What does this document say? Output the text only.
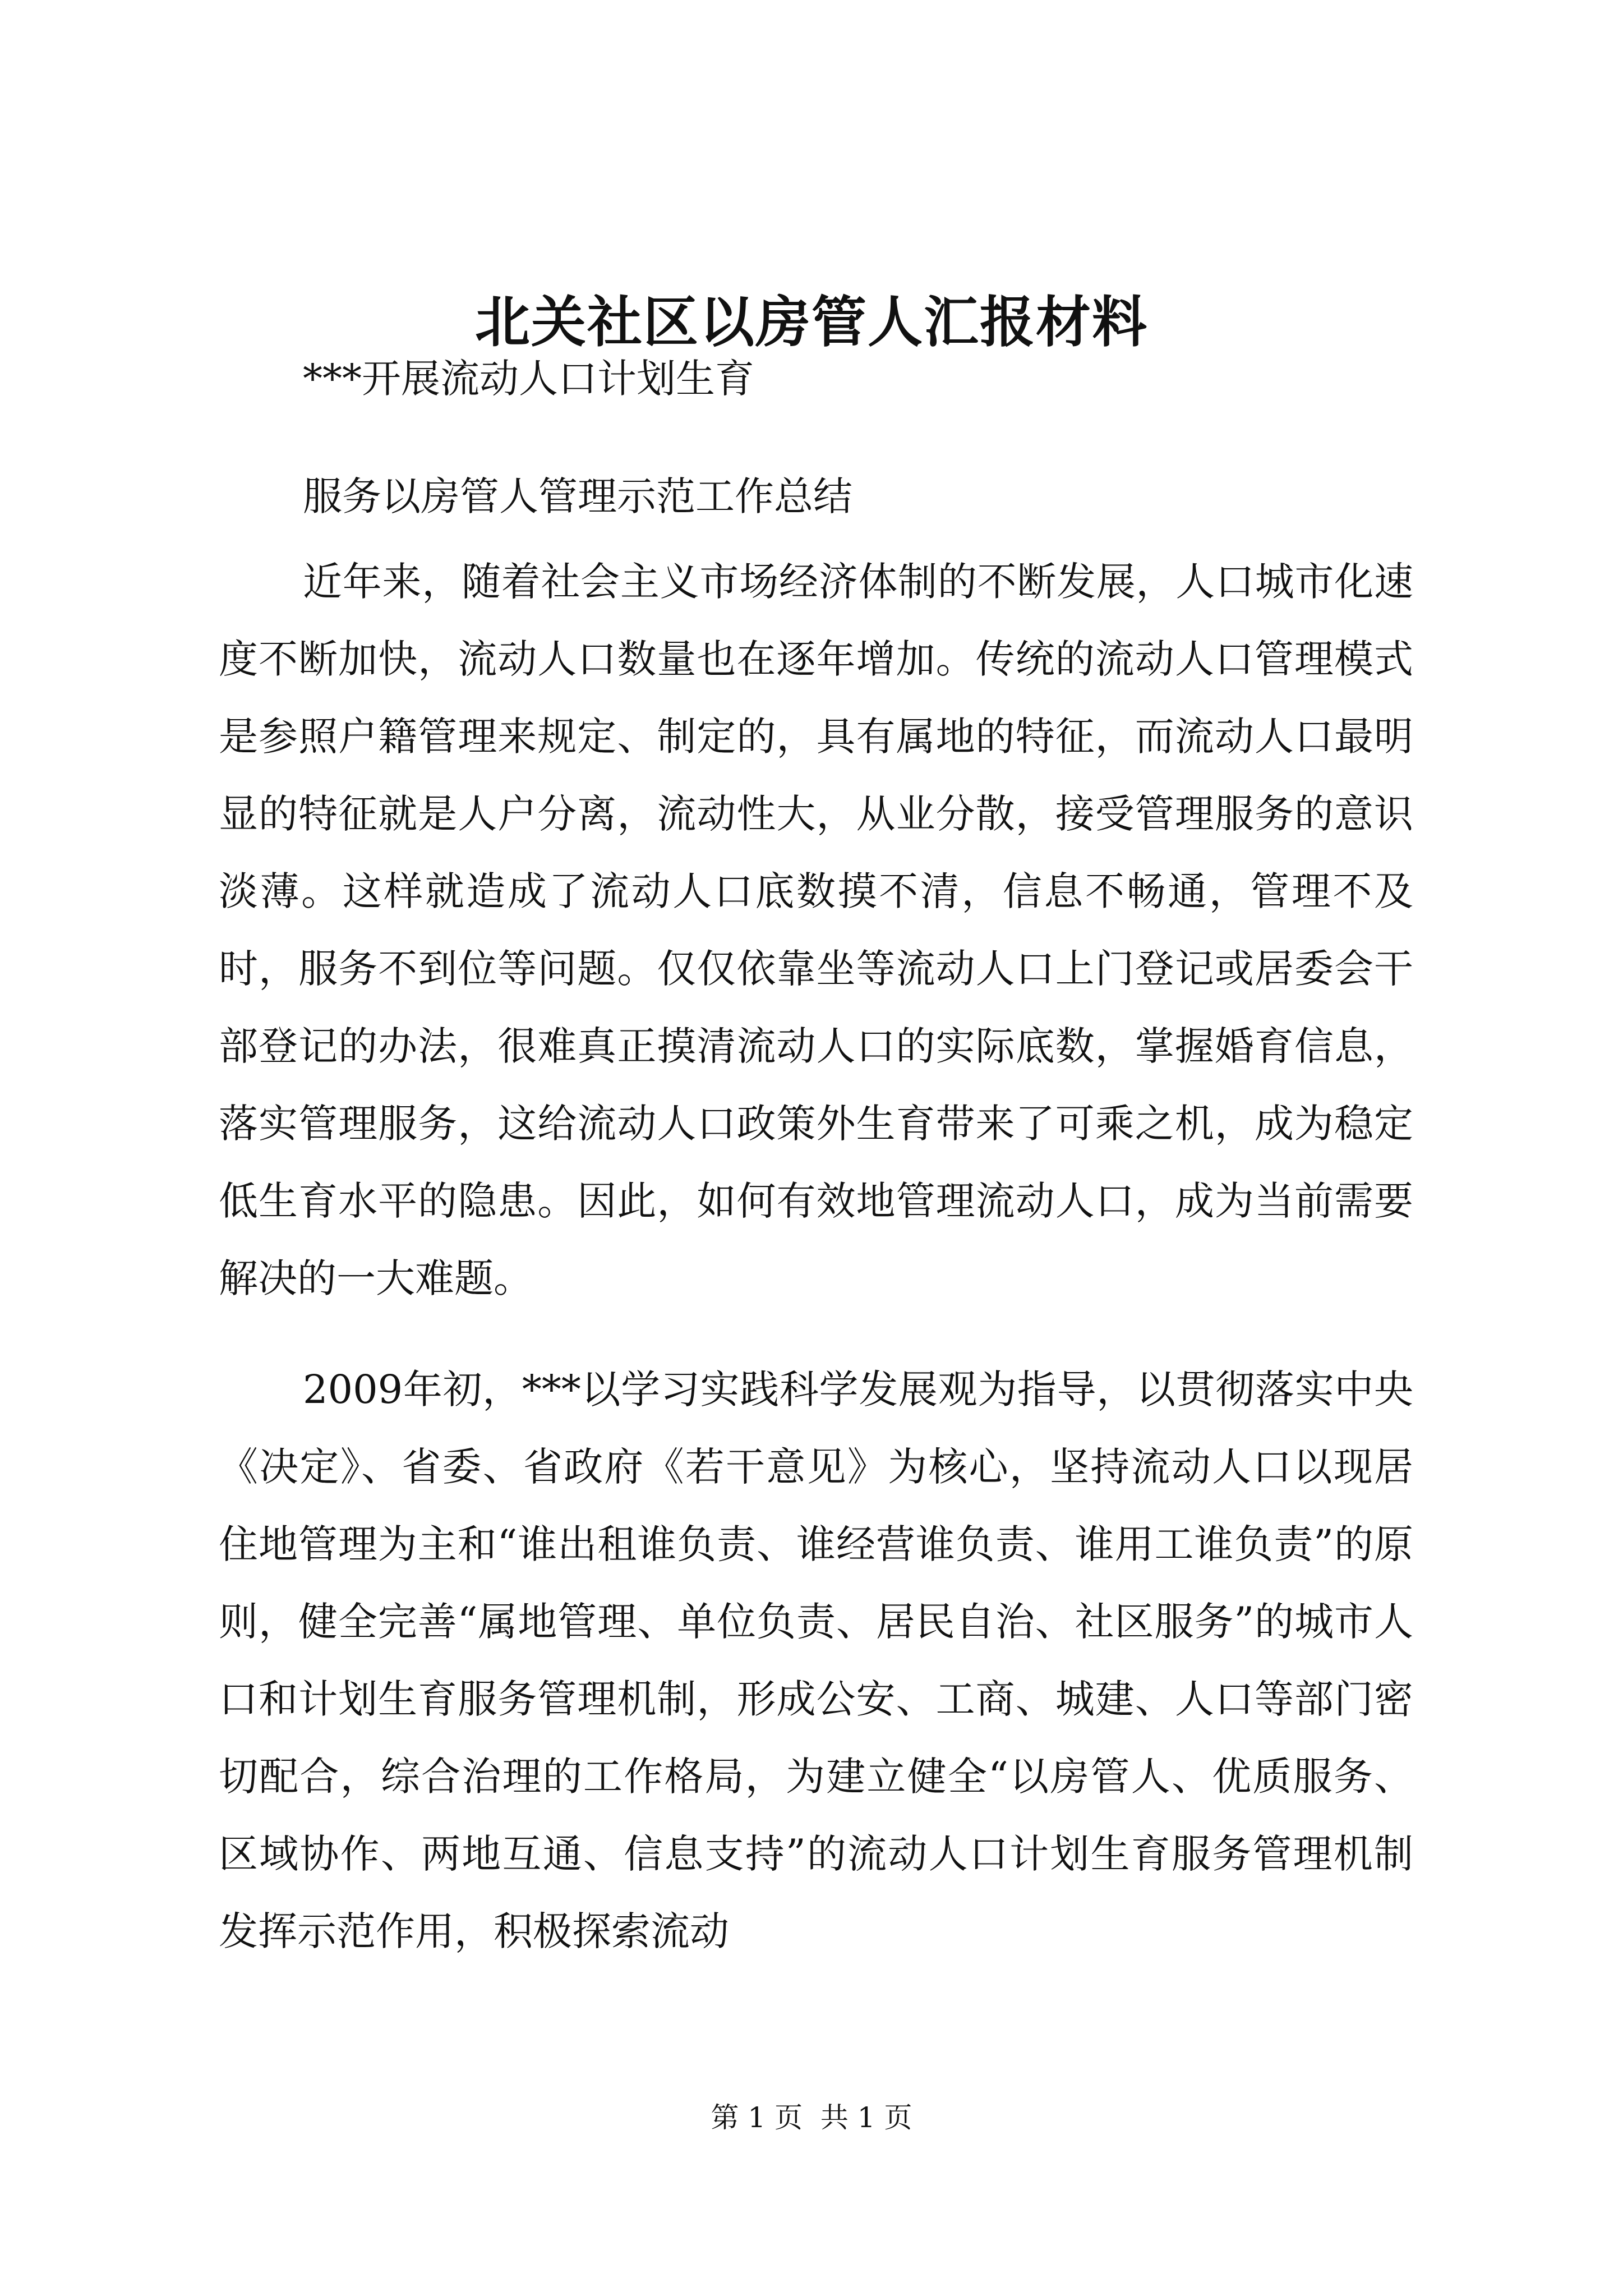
北关社区以房管人汇报材料
***开展流动人口计划生育
服务以房管人管理示范工作总结

近年来，随着社会主义市场经济体制的不断发展，人口城市化速度不断加快，流动人口数量也在逐年增加。传统的流动人口管理模式是参照户籍管理来规定、制定的，具有属地的特征，而流动人口最明显的特征就是人户分离，流动性大，从业分散，接受管理服务的意识淡薄。这样就造成了流动人口底数摸不清，信息不畅通，管理不及时，服务不到位等问题。仅仅依靠坐等流动人口上门登记或居委会干部登记的办法，很难真正摸清流动人口的实际底数，掌握婚育信息，落实管理服务，这给流动人口政策外生育带来了可乘之机，成为稳定低生育水平的隐患。因此，如何有效地管理流动人口，成为当前需要解决的一大难题。

2009年初，***以学习实践科学发展观为指导，以贯彻落实中央《决定》、省委、省政府《若干意见》为核心，坚持流动人口以现居住地管理为主和“谁出租谁负责、谁经营谁负责、谁用工谁负责”的原则，健全完善“属地管理、单位负责、居民自治、社区服务”的城市人口和计划生育服务管理机制，形成公安、工商、城建、人口等部门密切配合，综合治理的工作格局，为建立健全“以房管人、优质服务、区域协作、两地互通、信息支持”的流动人口计划生育服务管理机制发挥示范作用，积极探索流动

第 1 页  共 1 页
